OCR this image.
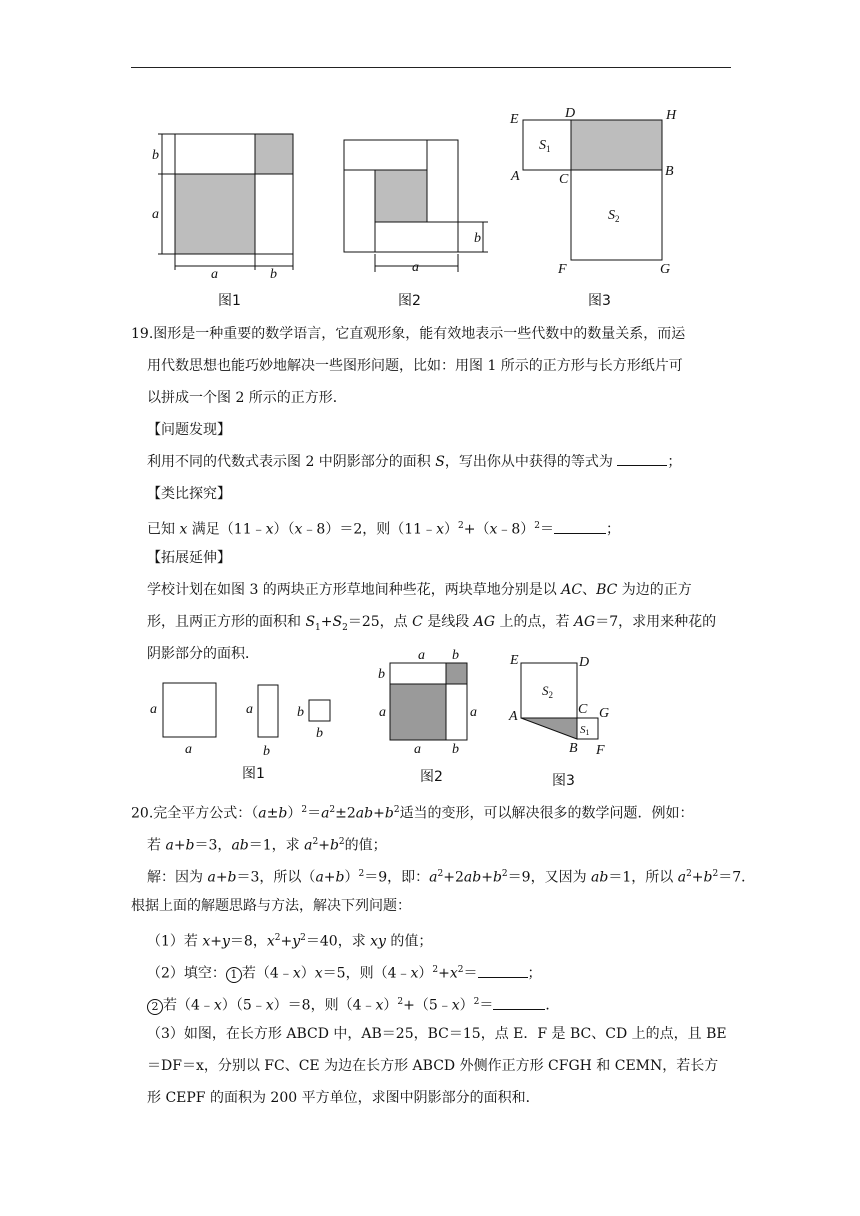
b
a
a	b
图1
b
a
图2
E	D	H
A	C
B
F	G
$S_1$
$S_2$
图3
19.图形是一种重要的数学语言，它直观形象，能有效地表示一些代数中的数量关系，而运
用代数思想也能巧妙地解决一些图形问题，比如：用图 1 所示的正方形与长方形纸片可
以拼成一个图 2 所示的正方形．
【问题发现】
利用不同的代数式表示图 2 中阴影部分的面积 S，写出你从中获得的等式为	；
【类比探究】
已知 x 满足（11﹣x）（x﹣8）＝2，则（11﹣x）$^2$+（x﹣8）$^2$＝	；
【拓展延伸】
学校计划在如图 3 的两块正方形草地间种些花，两块草地分别是以 AC、BC 为边的正方
形，且两正方形的面积和 $S_1+S_2=25$，点 C 是线段 AG 上的点，若 AG＝7，求用来种花的
阴影部分的面积．
a
a
a
b
b
b
图1
a b
b
a	a
a b
图2
E	D
A	C G
B F
$S_2$
S1
图3
20.完全平方公式：$(a\pm b)^2=a^2\pm 2ab+b^2$适当的变形，可以解决很多的数学问题．例如：
若 a+b＝3，ab＝1，求 $a^2+b^2$的值；
解：因为 a+b＝3，所以$(a+b)^2=9$，即：$a^2+2ab+b^2=9$，又因为 ab＝1，所以 $a^2+b^2=7$．
根据上面的解题思路与方法，解决下列问题：
（1）若 x+y＝8，$x^2+y^2=40$，求 xy 的值；
（2）填空： 1 若（4﹣x）x＝5，则$(4﹣x)^2+x^2=$	；
2 若（4﹣x）（5﹣x）＝8，则（4﹣x）$^2$+（5﹣x）$^2$＝	．
（3）如图，在长方形 ABCD 中，AB＝25，BC＝15，点 E．F 是 BC、CD 上的点，且 BE
＝DF＝x，分别以 FC、CE 为边在长方形 ABCD 外侧作正方形 CFGH 和 CEMN，若长方
形 CEPF 的面积为 200 平方单位，求图中阴影部分的面积和．
